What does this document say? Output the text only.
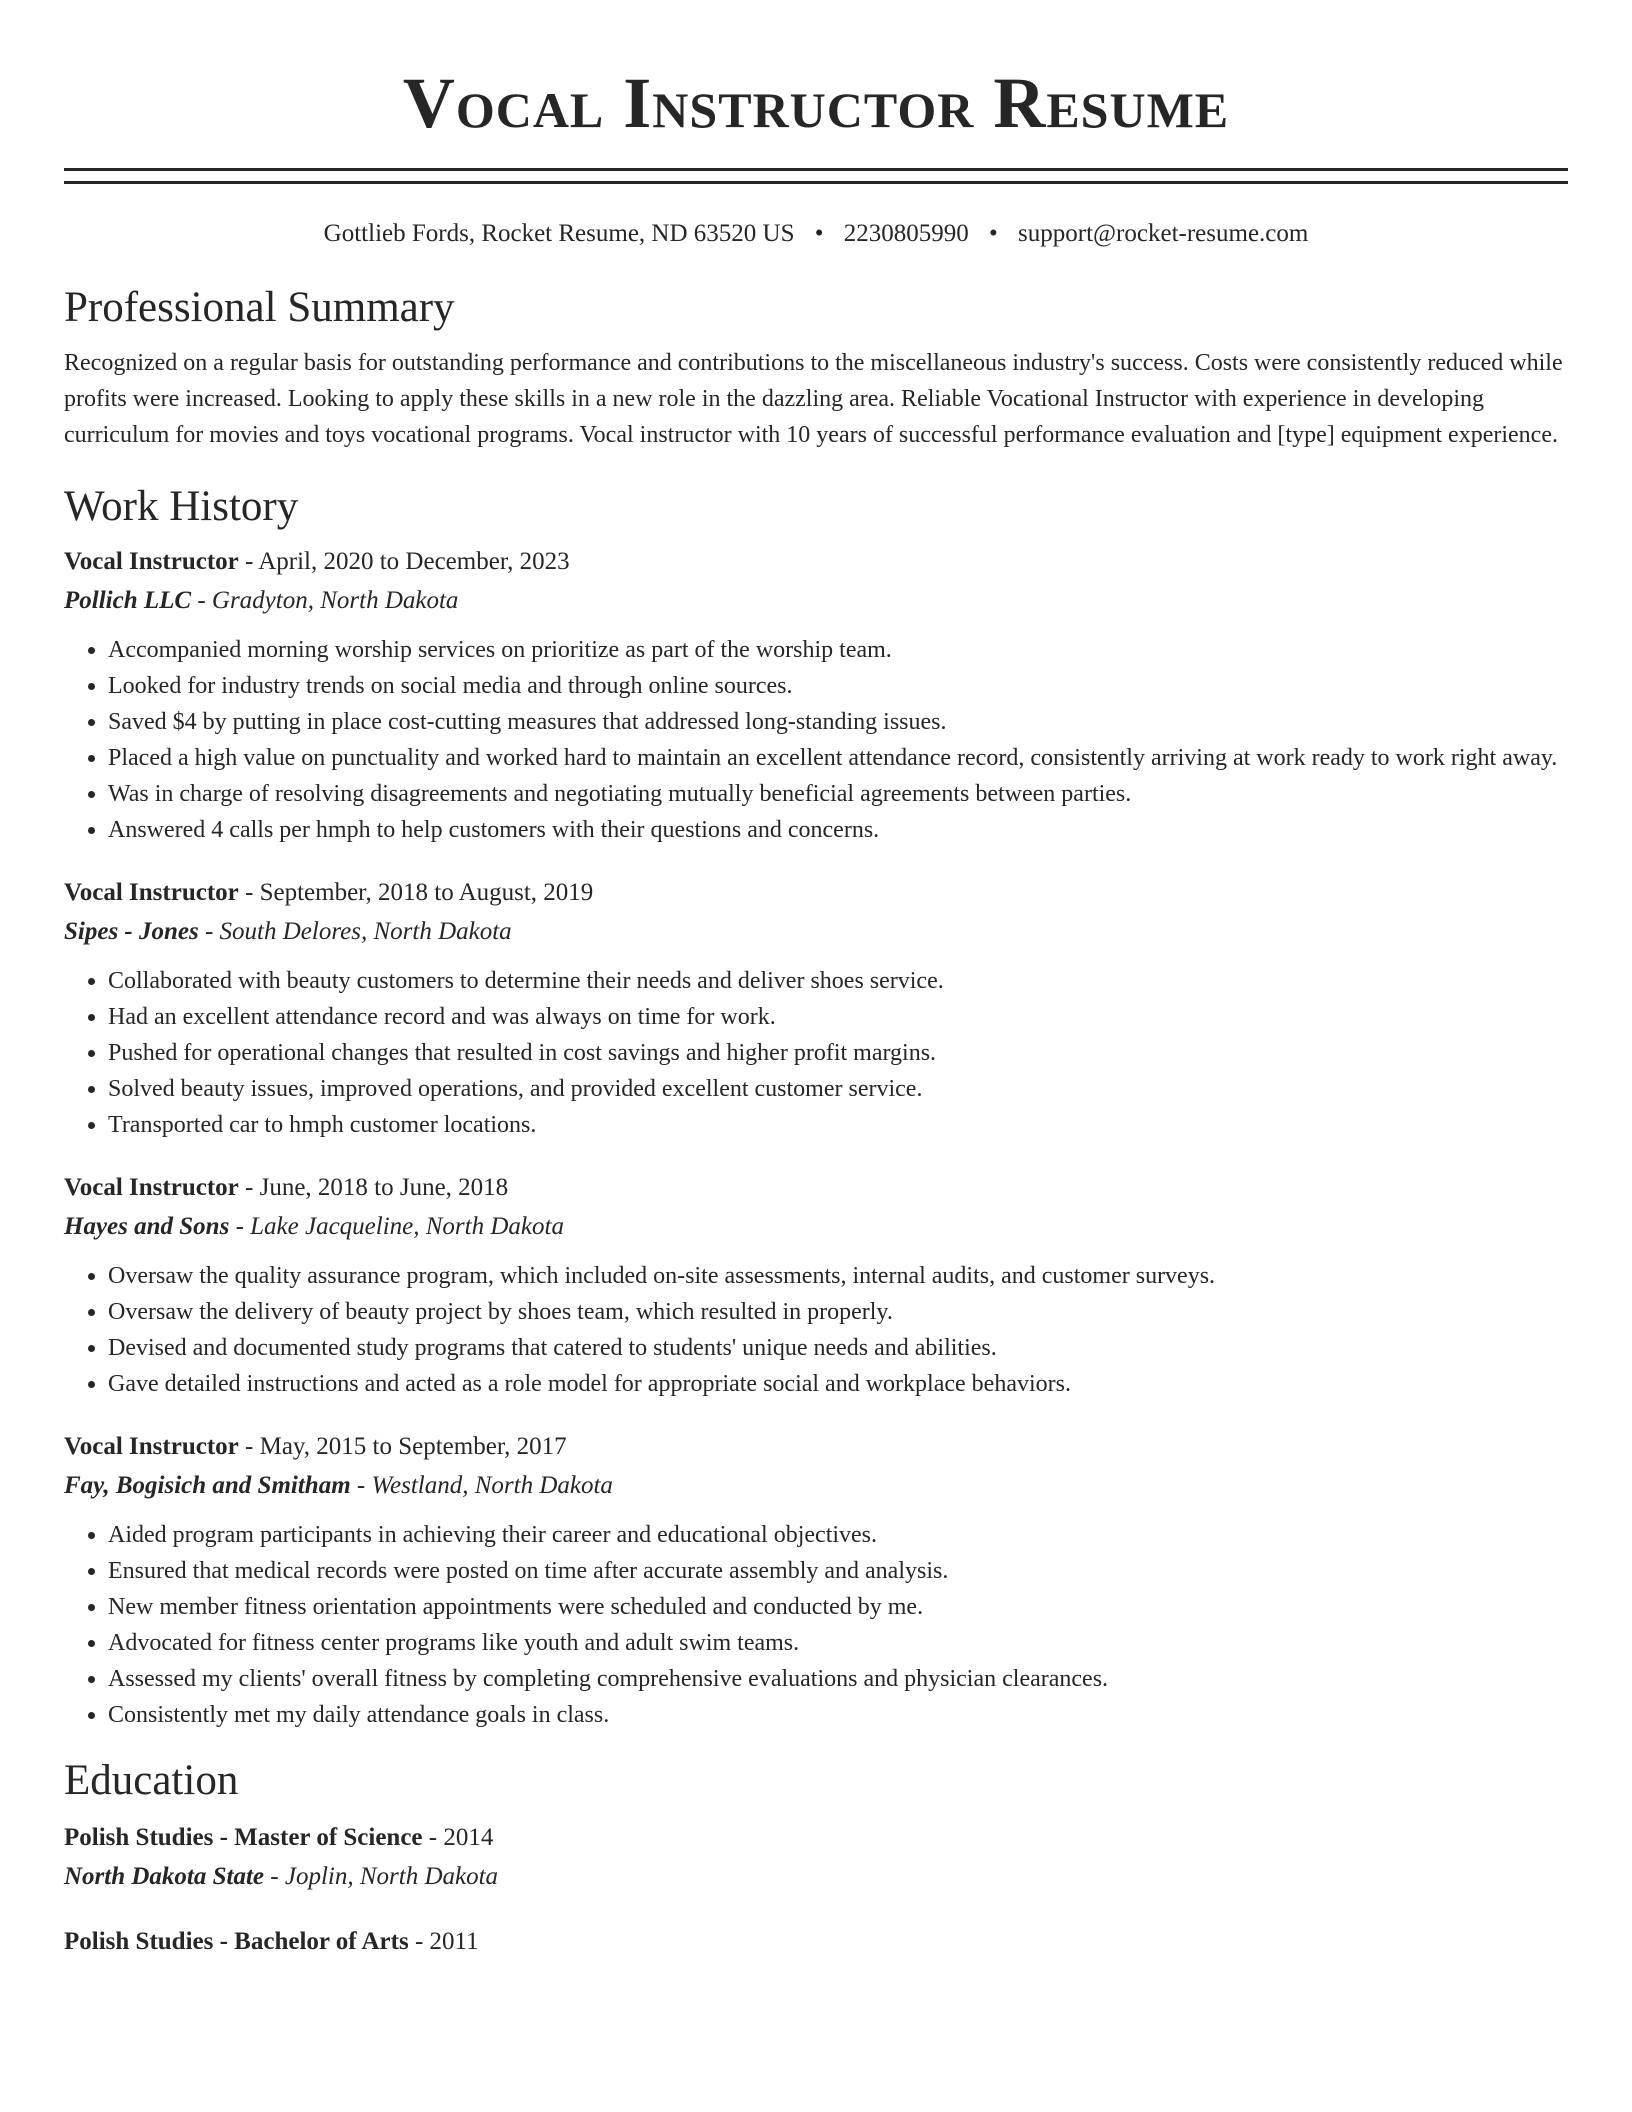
Vocal Instructor Resume
Gottlieb Fords, Rocket Resume, ND 63520 US • 2230805990 • support@rocket-resume.com
Professional Summary

Recognized on a regular basis for outstanding performance and contributions to the miscellaneous industry's success. Costs were consistently reduced while profits were increased. Looking to apply these skills in a new role in the dazzling area. Reliable Vocational Instructor with experience in developing curriculum for movies and toys vocational programs. Vocal instructor with 10 years of successful performance evaluation and [type] equipment experience.

Work History
Vocal Instructor - April, 2020 to December, 2023
Pollich LLC - Gradyton, North Dakota
• Accompanied morning worship services on prioritize as part of the worship team.
• Looked for industry trends on social media and through online sources.
• Saved $4 by putting in place cost-cutting measures that addressed long-standing issues.
• Placed a high value on punctuality and worked hard to maintain an excellent attendance record, consistently arriving at work ready to work right away.
• Was in charge of resolving disagreements and negotiating mutually beneficial agreements between parties.
• Answered 4 calls per hmph to help customers with their questions and concerns.
Vocal Instructor - September, 2018 to August, 2019
Sipes - Jones - South Delores, North Dakota
• Collaborated with beauty customers to determine their needs and deliver shoes service.
• Had an excellent attendance record and was always on time for work.
• Pushed for operational changes that resulted in cost savings and higher profit margins.
• Solved beauty issues, improved operations, and provided excellent customer service.
• Transported car to hmph customer locations.
Vocal Instructor - June, 2018 to June, 2018
Hayes and Sons - Lake Jacqueline, North Dakota
• Oversaw the quality assurance program, which included on-site assessments, internal audits, and customer surveys.
• Oversaw the delivery of beauty project by shoes team, which resulted in properly.
• Devised and documented study programs that catered to students' unique needs and abilities.
• Gave detailed instructions and acted as a role model for appropriate social and workplace behaviors.
Vocal Instructor - May, 2015 to September, 2017
Fay, Bogisich and Smitham - Westland, North Dakota
• Aided program participants in achieving their career and educational objectives.
• Ensured that medical records were posted on time after accurate assembly and analysis.
• New member fitness orientation appointments were scheduled and conducted by me.
• Advocated for fitness center programs like youth and adult swim teams.
• Assessed my clients' overall fitness by completing comprehensive evaluations and physician clearances.
• Consistently met my daily attendance goals in class.
Education
Polish Studies - Master of Science - 2014
North Dakota State - Joplin, North Dakota
Polish Studies - Bachelor of Arts - 2011
